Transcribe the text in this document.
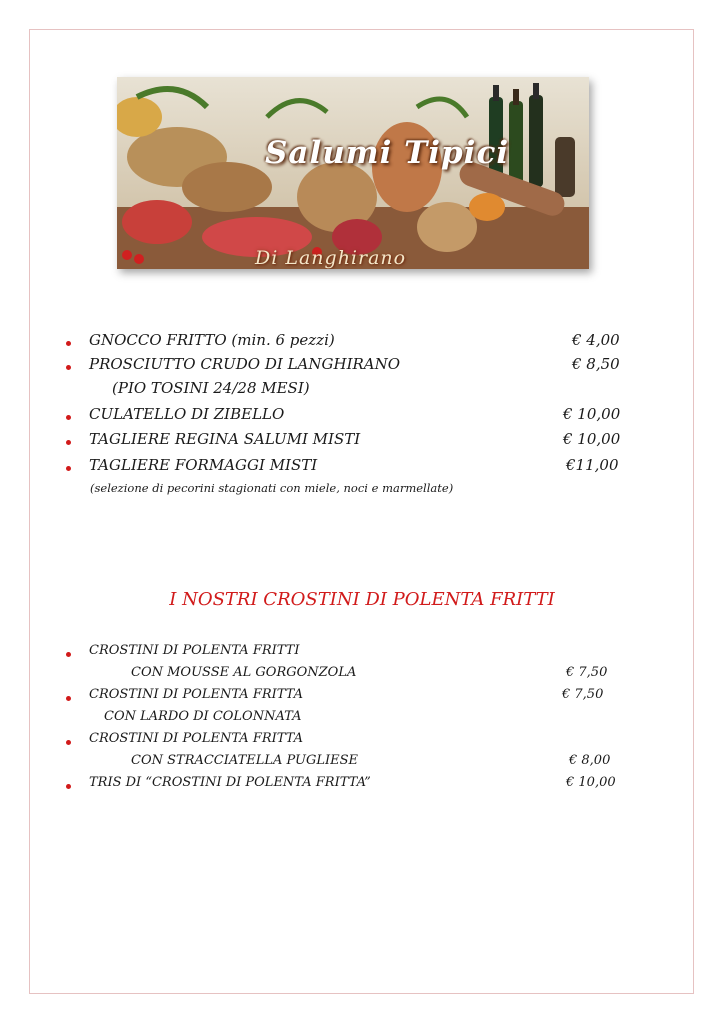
Salumi Tipici
Di Langhirano
GNOCCO FRITTO (min. 6 pezzi)	€ 4,00
PROSCIUTTO CRUDO DI LANGHIRANO	€ 8,50
(PIO TOSINI 24/28 MESI)
CULATELLO DI ZIBELLO	€ 10,00
TAGLIERE REGINA SALUMI MISTI	€ 10,00
TAGLIERE FORMAGGI MISTI	€11,00
(selezione di pecorini stagionati con miele, noci e marmellate)
I NOSTRI CROSTINI DI POLENTA FRITTI
CROSTINI DI POLENTA FRITTI
CON MOUSSE AL GORGONZOLA	€ 7,50
CROSTINI DI POLENTA FRITTA	€ 7,50
CON LARDO DI COLONNATA
CROSTINI DI POLENTA FRITTA
CON STRACCIATELLA PUGLIESE	€ 8,00
TRIS DI “CROSTINI DI POLENTA FRITTA”	€ 10,00
